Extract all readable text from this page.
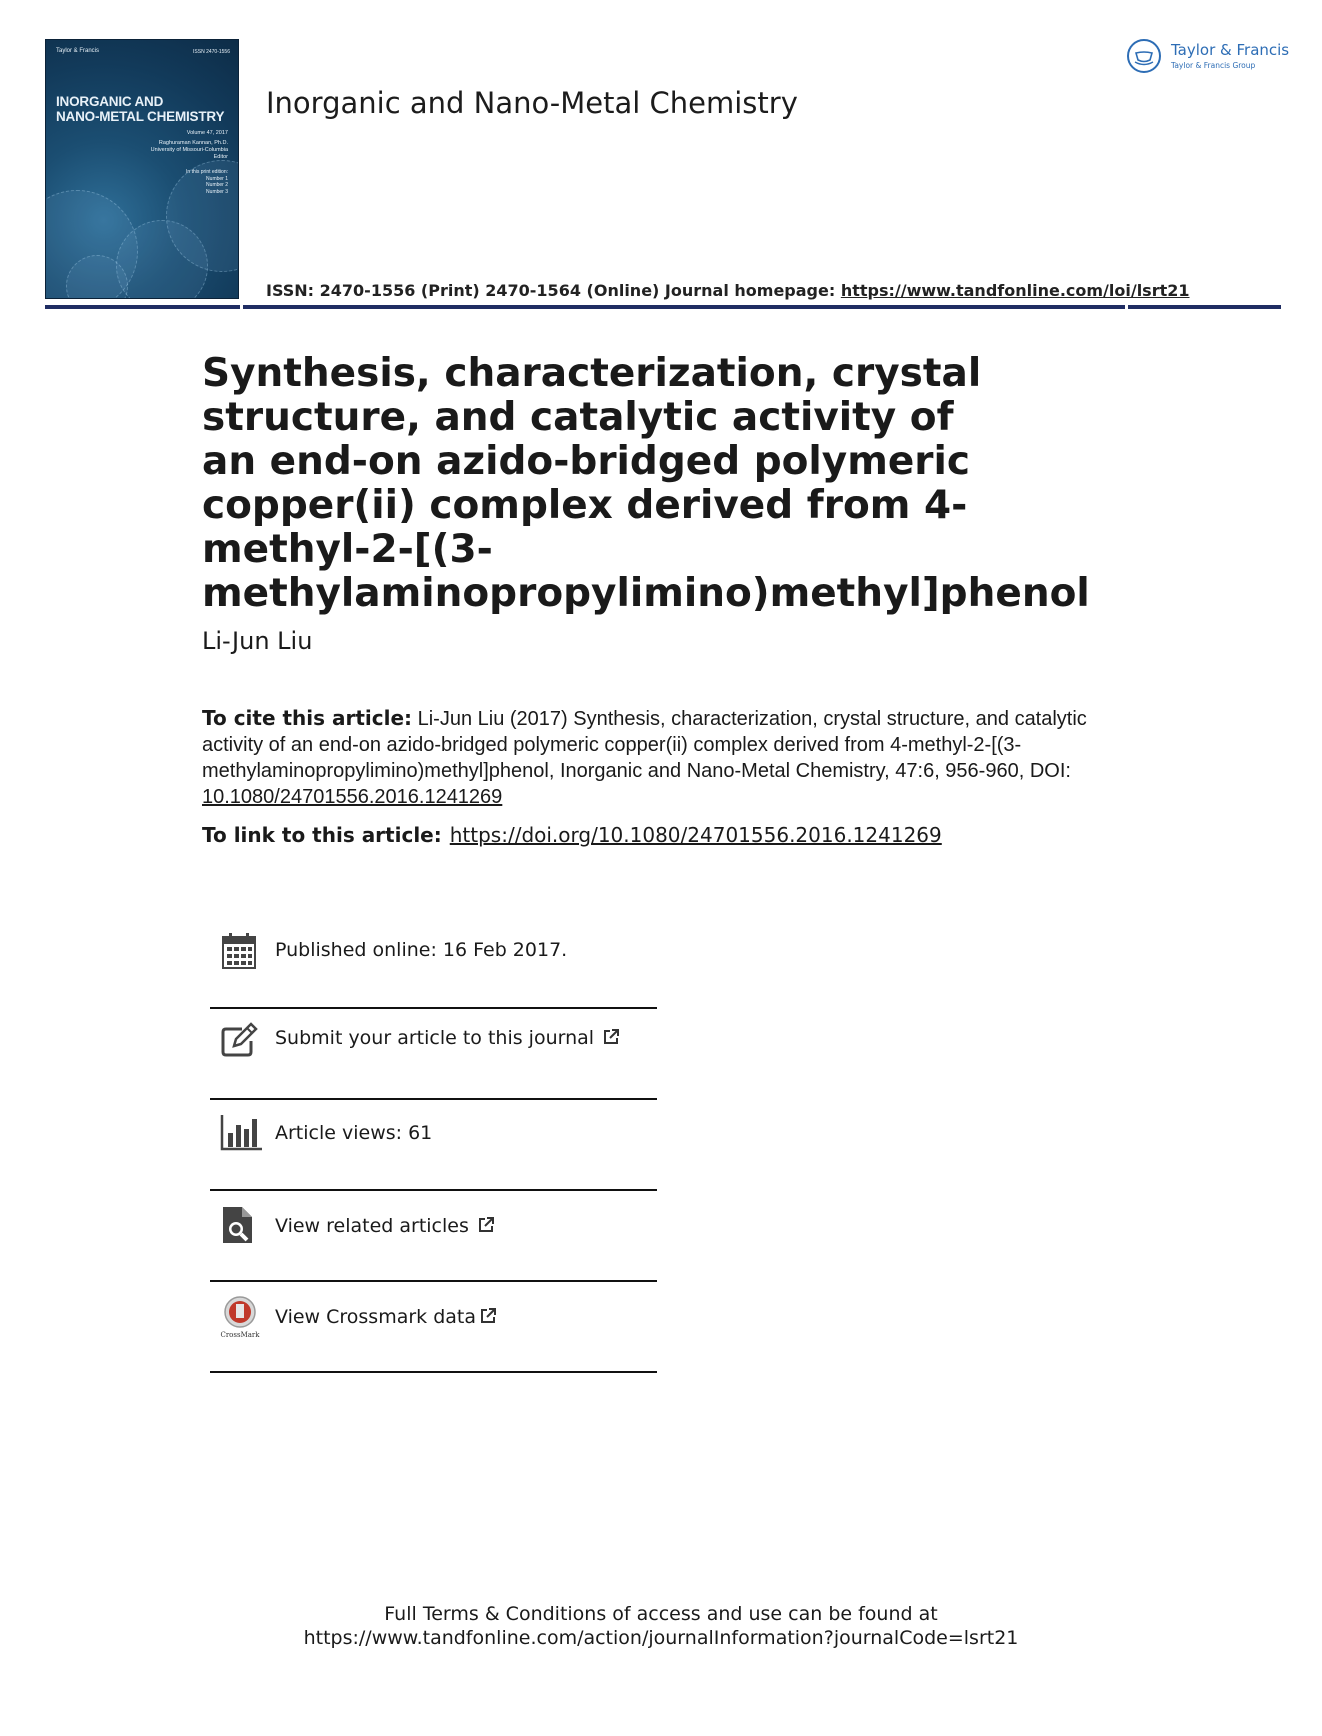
Taylor & Francis	ISSN 2470-1556
INORGANIC AND
NANO-METAL CHEMISTRY
Volume 47, 2017
Raghuraman Kannan, Ph.D.
University of Missouri-Columbia
Editor
In this print edition:
Number 1
Number 2
Number 3
Inorganic and Nano-Metal Chemistry
Taylor & Francis
Taylor & Francis Group
ISSN: 2470-1556 (Print) 2470-1564 (Online) Journal homepage: https://www.tandfonline.com/loi/lsrt21
Synthesis, characterization, crystal structure, and catalytic activity of an end-on azido-bridged polymeric copper(ii) complex derived from 4-methyl-2-[(3-methylaminopropylimino)methyl]phenol
Li-Jun Liu
To cite this article: Li-Jun Liu (2017) Synthesis, characterization, crystal structure, and catalytic activity of an end-on azido-bridged polymeric copper(ii) complex derived from 4-methyl-2-[(3-methylaminopropylimino)methyl]phenol, Inorganic and Nano-Metal Chemistry, 47:6, 956-960, DOI: 10.1080/24701556.2016.1241269
To link to this article: https://doi.org/10.1080/24701556.2016.1241269
Published online: 16 Feb 2017.
Submit your article to this journal
Article views: 61
View related articles
CrossMark
View Crossmark data
Full Terms & Conditions of access and use can be found at
https://www.tandfonline.com/action/journalInformation?journalCode=lsrt21
